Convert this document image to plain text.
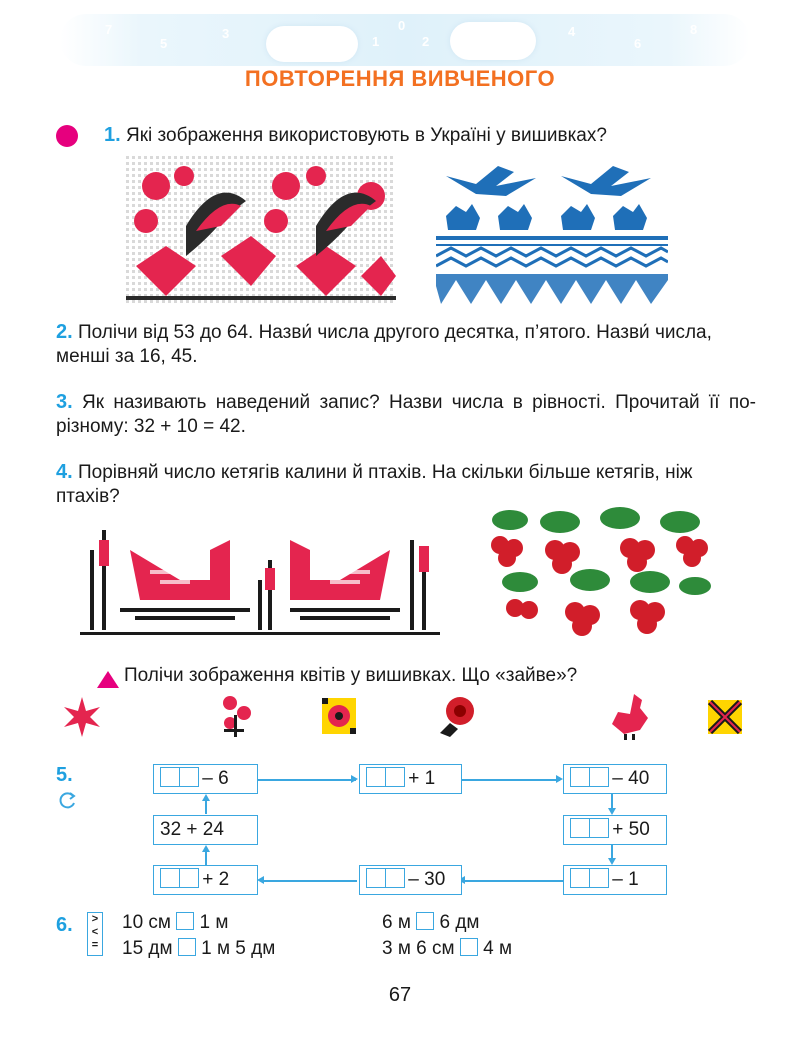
7
5
3
1
0
2
4
6
8
ПОВТОРЕННЯ ВИВЧЕНОГО
1. Які зображення використовують в Україні у вишивках?
2. Полічи від 53 до 64. Назви́ числа другого десятка, п’ятого. Назви́ числа, менші за 16, 45.
3. Як називають наведений запис? Назви числа в рівності. Прочитай її по-різному: 32 + 10 = 42.
4. Порівняй число кетягів калини й птахів. На скільки більше кетягів, ніж птахів?
Полічи зображення квітів у вишивках. Що «зайве»?
5.	– 6	+ 1	– 40
32 + 24	+ 50
+ 2	– 30	– 1
6.	>
<
=
10 см 1 м
15 дм 1 м 5 дм
6 м 6 дм
3 м 6 см 4 м
67
